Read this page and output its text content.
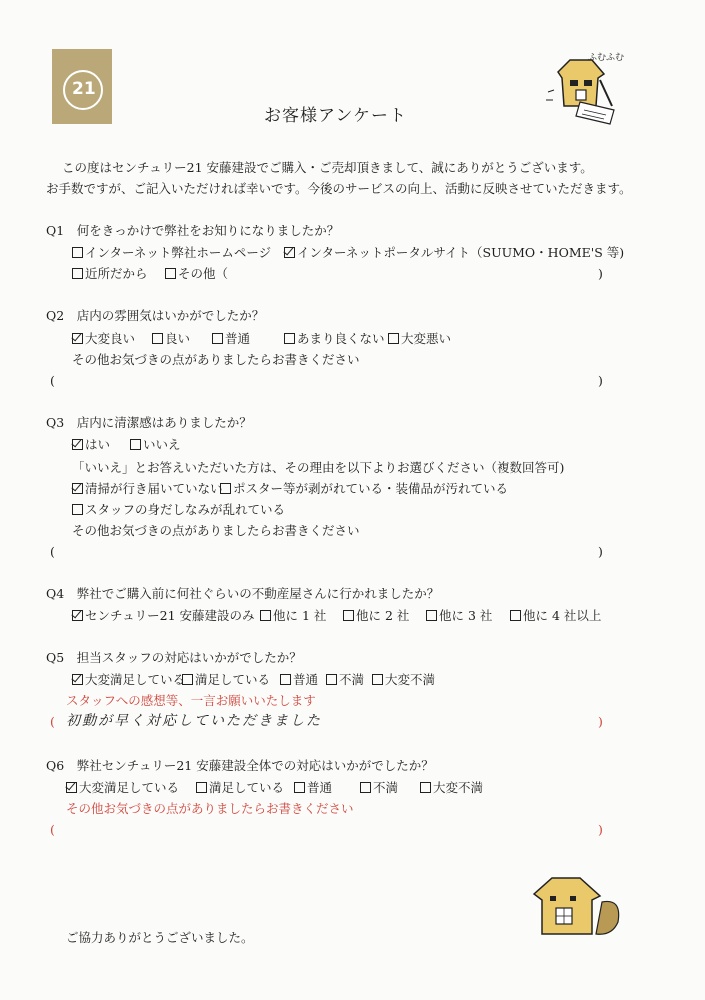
21
ふむふむ
お客様アンケート
この度はセンチュリー21 安藤建設でご購入・ご売却頂きまして、誠にありがとうございます。
お手数ですが、ご記入いただければ幸いです。今後のサービスの向上、活動に反映させていただきます。
Q1　何をきっかけで弊社をお知りになりましたか？
インターネット弊社ホームページ	インターネットポータルサイト（SUUMO・HOME'S 等)
近所だから	その他（	)
Q2　店内の雰囲気はいかがでしたか？
大変良い	良い	普通	あまり良くない	大変悪い
その他お気づきの点がありましたらお書きください
(	)
Q3　店内に清潔感はありましたか？
はい	いいえ
「いいえ」とお答えいただいた方は、その理由を以下よりお選びください（複数回答可)
清掃が行き届いていない ポスター等が剥がれている・装備品が汚れている
スタッフの身だしなみが乱れている
その他お気づきの点がありましたらお書きください
(	)
Q4　弊社でご購入前に何社ぐらいの不動産屋さんに行かれましたか？
センチュリー21 安藤建設のみ	他に 1 社	他に 2 社	他に 3 社	他に 4 社以上
Q5　担当スタッフの対応はいかがでしたか？
大変満足している 満足している	普通	不満	大変不満
スタッフへの感想等、一言お願いいたします
( 初動が早く対応していただきました	)
Q6　弊社センチュリー21 安藤建設全体での対応はいかがでしたか？
大変満足している	満足している	普通	不満	大変不満
その他お気づきの点がありましたらお書きください
(	)
ご協力ありがとうございました。
